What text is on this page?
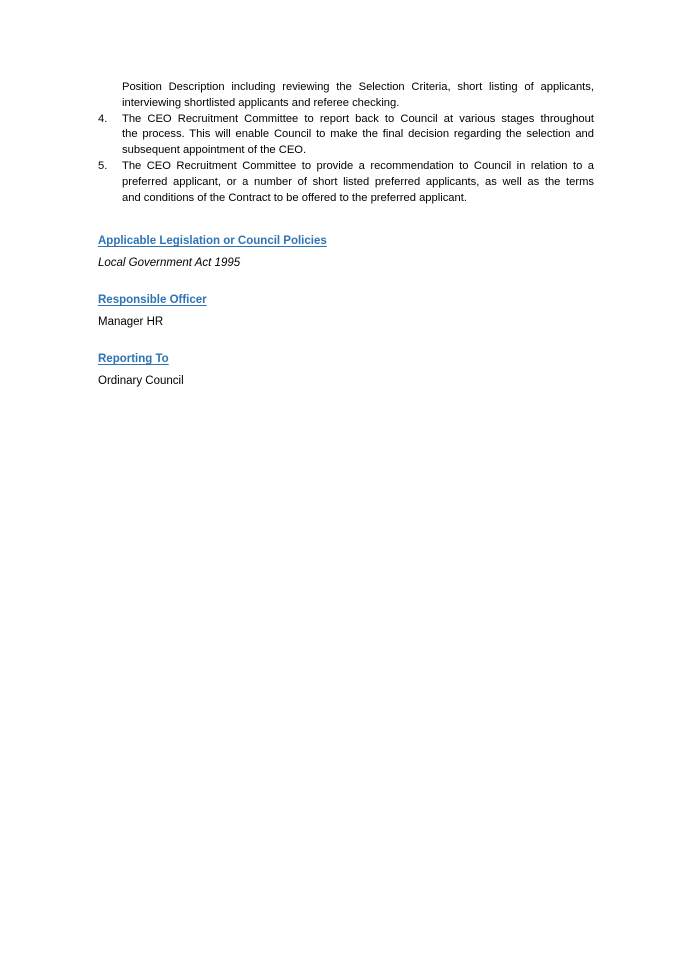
Position Description including reviewing the Selection Criteria, short listing of applicants,
interviewing shortlisted applicants and referee checking.
4.	The CEO Recruitment Committee to report back to Council at various stages throughout
the process. This will enable Council to make the final decision regarding the selection and
subsequent appointment of the CEO.
5.	The CEO Recruitment Committee to provide a recommendation to Council in relation to a
preferred applicant, or a number of short listed preferred applicants, as well as the terms
and conditions of the Contract to be offered to the preferred applicant.

Applicable Legislation or Council Policies

Local Government Act 1995

Responsible Officer

Manager HR

Reporting To

Ordinary Council
